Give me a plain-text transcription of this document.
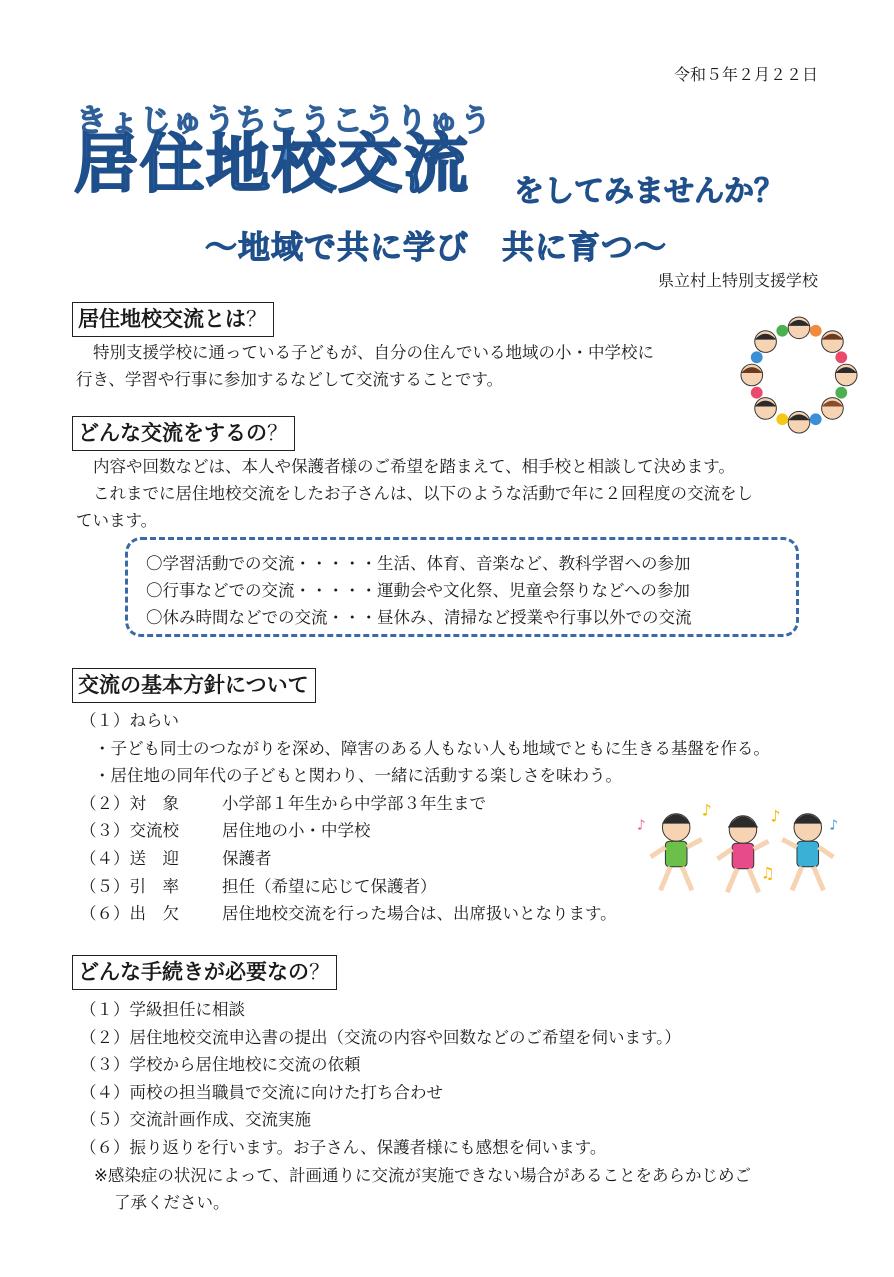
令和５年２月２２日
きょじゅうちこうこうりゅう
居住地校交流 をしてみませんか？
～地域で共に学び　共に育つ～
県立村上特別支援学校
居住地校交流とは？
特別支援学校に通っている子どもが、自分の住んでいる地域の小・中学校に
行き、学習や行事に参加するなどして交流することです。
どんな交流をするの？
内容や回数などは、本人や保護者様のご希望を踏まえて、相手校と相談して決めます。
これまでに居住地校交流をしたお子さんは、以下のような活動で年に２回程度の交流をし
ています。
〇学習活動での交流・・・・・生活、体育、音楽など、教科学習への参加
〇行事などでの交流・・・・・運動会や文化祭、児童会祭りなどへの参加
〇休み時間などでの交流・・・昼休み、清掃など授業や行事以外での交流
交流の基本方針について
（１）ねらい
・子ども同士のつながりを深め、障害のある人もない人も地域でともに生きる基盤を作る。
・居住地の同年代の子どもと関わり、一緒に活動する楽しさを味わう。
（２）対　象	小学部１年生から中学部３年生まで
（３）交流校	居住地の小・中学校
（４）送　迎	保護者
（５）引　率	担任（希望に応じて保護者）
（６）出　欠	居住地校交流を行った場合は、出席扱いとなります。
♪	♪
♫
♪	♪
どんな手続きが必要なの？
（１）学級担任に相談
（２）居住地校交流申込書の提出（交流の内容や回数などのご希望を伺います。）
（３）学校から居住地校に交流の依頼
（４）両校の担当職員で交流に向けた打ち合わせ
（５）交流計画作成、交流実施
（６）振り返りを行います。お子さん、保護者様にも感想を伺います。
※感染症の状況によって、計画通りに交流が実施できない場合があることをあらかじめご
了承ください。
